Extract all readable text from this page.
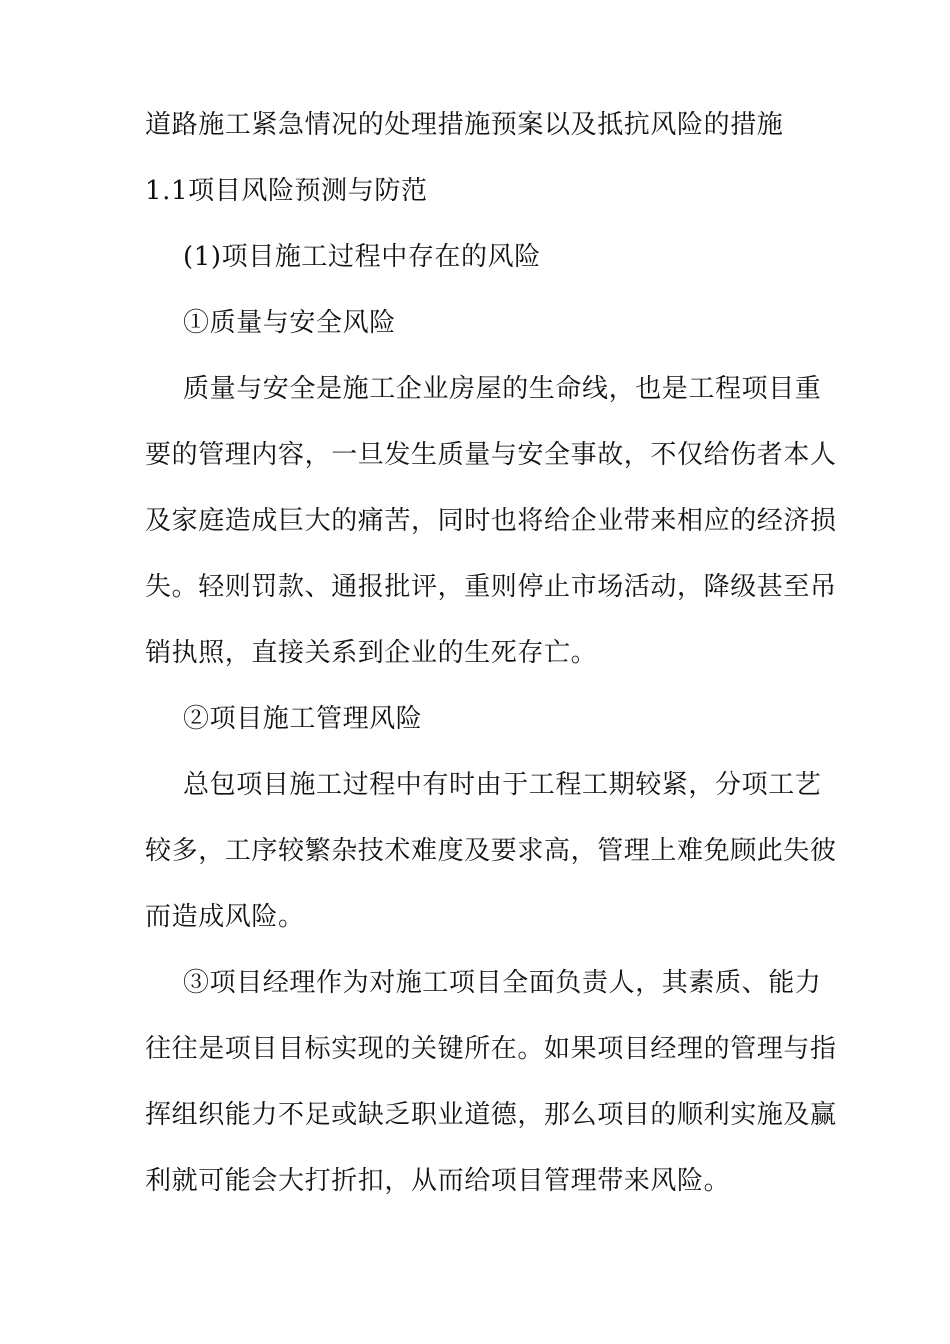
道路施工紧急情况的处理措施预案以及抵抗风险的措施
1.1项目风险预测与防范
(1)项目施工过程中存在的风险
①质量与安全风险
质量与安全是施工企业房屋的生命线，也是工程项目重
要的管理内容，一旦发生质量与安全事故，不仅给伤者本人
及家庭造成巨大的痛苦，同时也将给企业带来相应的经济损
失。轻则罚款、通报批评，重则停止市场活动，降级甚至吊
销执照，直接关系到企业的生死存亡。
②项目施工管理风险
总包项目施工过程中有时由于工程工期较紧，分项工艺
较多，工序较繁杂技术难度及要求高，管理上难免顾此失彼
而造成风险。
③项目经理作为对施工项目全面负责人，其素质、能力
往往是项目目标实现的关键所在。如果项目经理的管理与指
挥组织能力不足或缺乏职业道德，那么项目的顺利实施及赢
利就可能会大打折扣，从而给项目管理带来风险。
